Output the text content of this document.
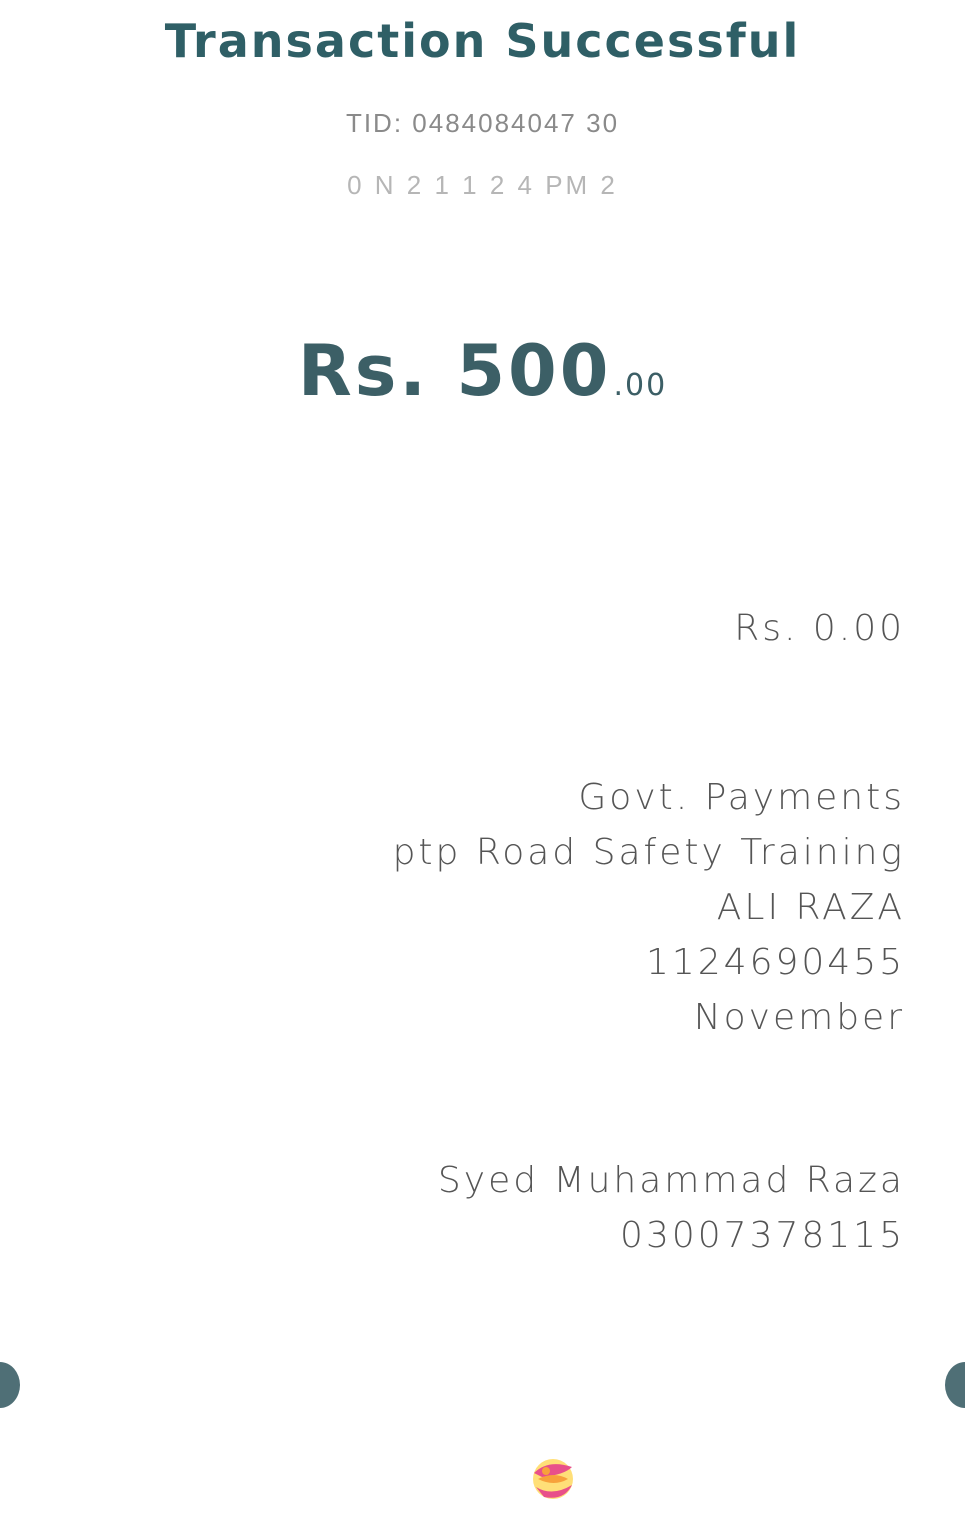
Transaction Successful
TID: 0484084047 30
0 N 2 1 1 2 4 PM 2
Rs. 500.00
Rs. 0.00
Govt. Payments
ptp Road Safety Training
ALI RAZA
1124690455
November
Syed Muhammad Raza
03007378115
